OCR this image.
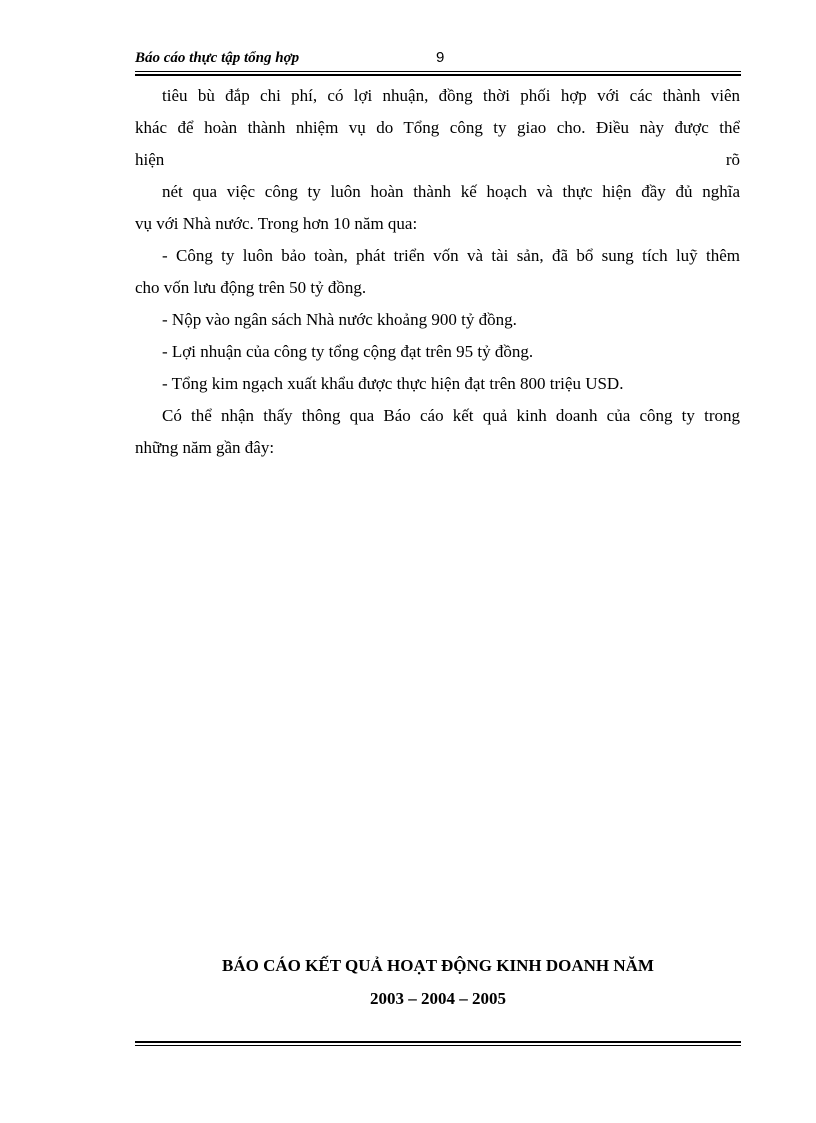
Báo cáo thực tập tổng hợp	9
tiêu bù đắp chi phí, có lợi nhuận, đồng thời phối hợp với các thành viên
khác để hoàn thành nhiệm vụ do Tổng công ty giao cho. Điều này được thể
hiện	rõ
nét qua việc công ty luôn hoàn thành kế hoạch và thực hiện đầy đủ nghĩa
vụ với Nhà nước. Trong hơn 10 năm qua:
- Công ty luôn bảo toàn, phát triển vốn và tài sản, đã bổ sung tích luỹ thêm
cho vốn lưu động trên 50 tỷ đồng.
- Nộp vào ngân sách Nhà nước khoảng 900 tỷ đồng.
- Lợi nhuận của công ty tổng cộng đạt trên 95 tỷ đồng.
- Tổng kim ngạch xuất khẩu được thực hiện đạt trên 800 triệu USD.
Có thể nhận thấy thông qua Báo cáo kết quả kinh doanh của công ty trong
những năm gần đây:
BÁO CÁO KẾT QUẢ HOẠT ĐỘNG KINH DOANH NĂM
2003 – 2004 – 2005
